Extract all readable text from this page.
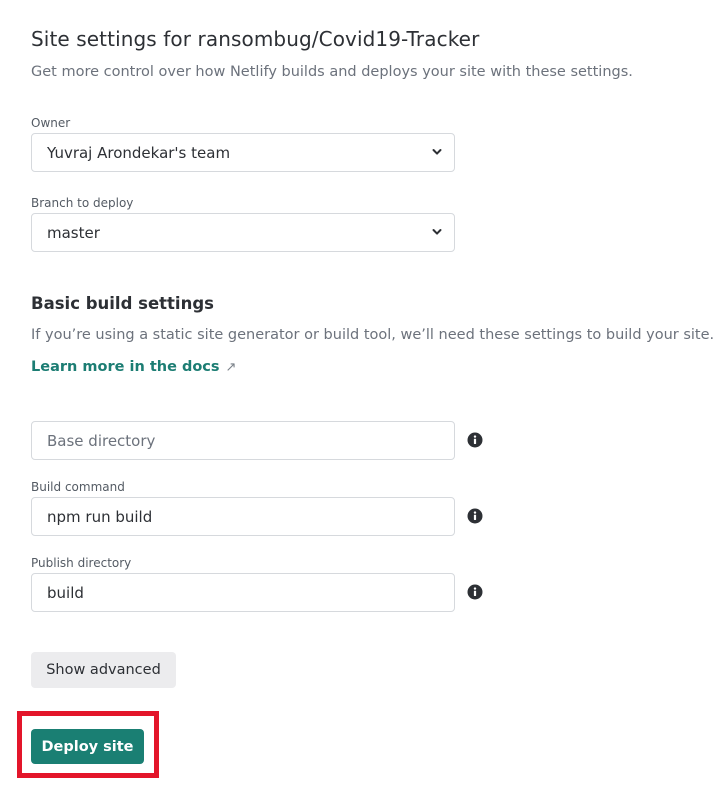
Site settings for ransombug/Covid19-Tracker

Get more control over how Netlify builds and deploys your site with these settings.

Owner
Yuvraj Arondekar's team
Branch to deploy
master
Basic build settings

If you’re using a static site generator or build tool, we’ll need these settings to build your site.

Learn more in the docs ↗
Base directory
Build command
npm run build
Publish directory
build
Show advanced
Deploy site
